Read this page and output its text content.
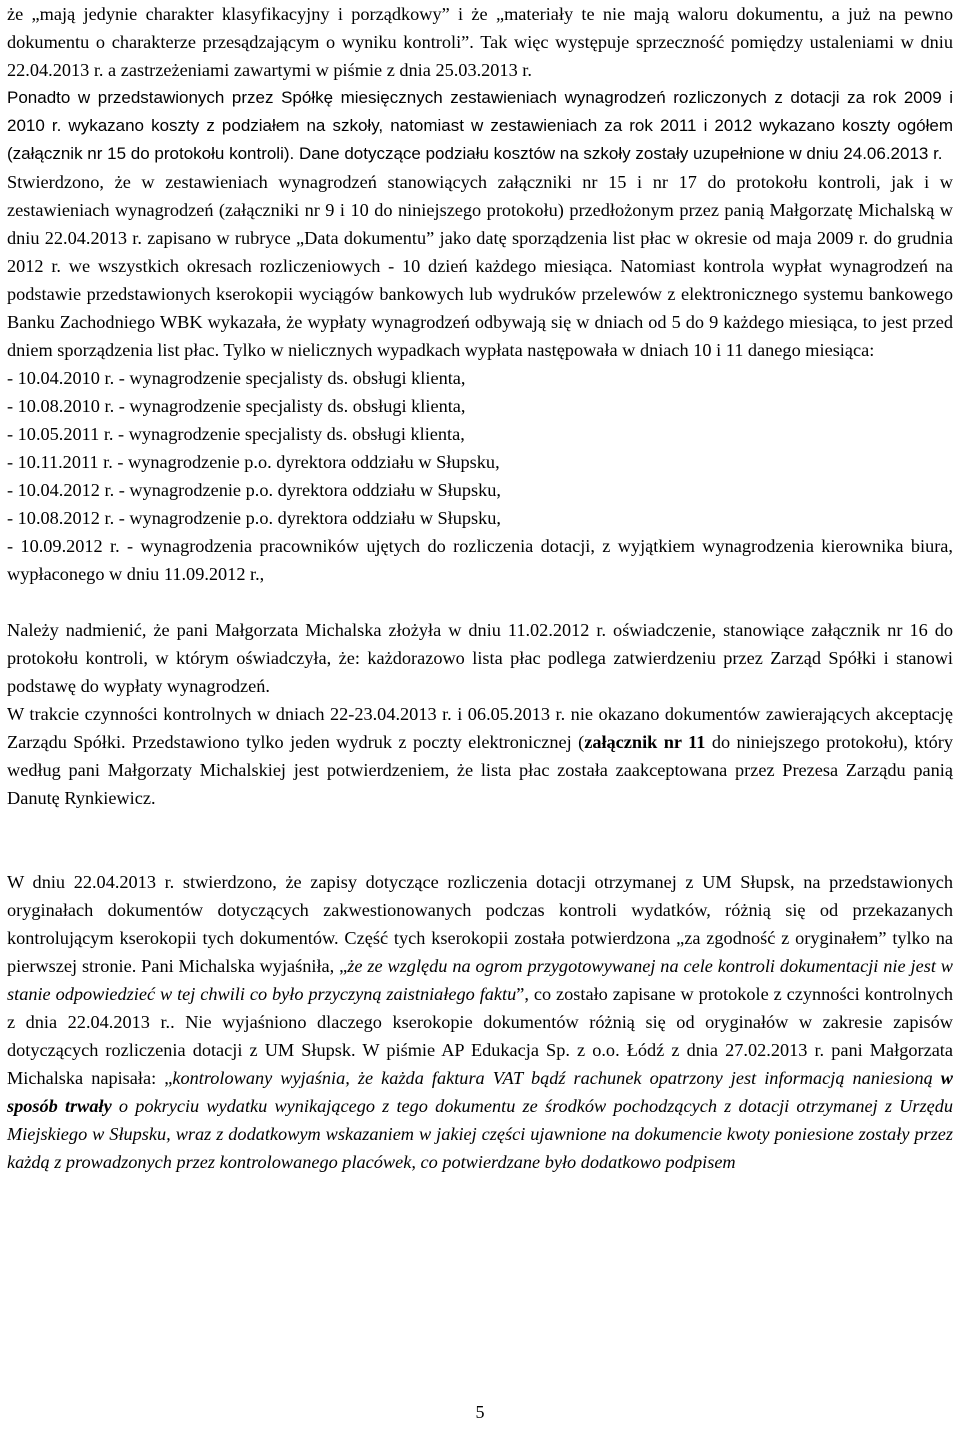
że „mają jedynie charakter klasyfikacyjny i porządkowy” i że „materiały te nie mają waloru dokumentu, a już na pewno dokumentu o charakterze przesądzającym o wyniku kontroli”. Tak więc występuje sprzeczność pomiędzy ustaleniami w dniu 22.04.2013 r. a zastrzeżeniami zawartymi w piśmie z dnia 25.03.2013 r.

Ponadto w przedstawionych przez Spółkę miesięcznych zestawieniach wynagrodzeń rozliczonych z dotacji za rok 2009 i 2010 r. wykazano koszty z podziałem na szkoły, natomiast w zestawieniach za rok 2011 i 2012 wykazano koszty ogółem (załącznik nr 15 do protokołu kontroli). Dane dotyczące podziału kosztów na szkoły zostały uzupełnione w dniu 24.06.2013 r.

Stwierdzono, że w zestawieniach wynagrodzeń stanowiących załączniki nr 15 i nr 17 do protokołu kontroli, jak i w zestawieniach wynagrodzeń (załączniki nr 9 i 10 do niniejszego protokołu) przedłożonym przez panią Małgorzatę Michalską w dniu 22.04.2013 r. zapisano w rubryce „Data dokumentu” jako datę sporządzenia list płac w okresie od maja 2009 r. do grudnia 2012 r. we wszystkich okresach rozliczeniowych - 10 dzień każdego miesiąca. Natomiast kontrola wypłat wynagrodzeń na podstawie przedstawionych kserokopii wyciągów bankowych lub wydruków przelewów z elektronicznego systemu bankowego Banku Zachodniego WBK wykazała, że wypłaty wynagrodzeń odbywają się w dniach od 5 do 9 każdego miesiąca, to jest przed dniem sporządzenia list płac. Tylko w nielicznych wypadkach wypłata następowała w dniach 10 i 11 danego miesiąca:

- 10.04.2010 r. - wynagrodzenie specjalisty ds. obsługi klienta,

- 10.08.2010 r. - wynagrodzenie specjalisty ds. obsługi klienta,

- 10.05.2011 r. - wynagrodzenie specjalisty ds. obsługi klienta,

- 10.11.2011 r. - wynagrodzenie p.o. dyrektora oddziału w Słupsku,

- 10.04.2012 r. - wynagrodzenie p.o. dyrektora oddziału w Słupsku,

- 10.08.2012 r. - wynagrodzenie p.o. dyrektora oddziału w Słupsku,

- 10.09.2012 r. - wynagrodzenia pracowników ujętych do rozliczenia dotacji, z wyjątkiem wynagrodzenia kierownika biura, wypłaconego w dniu 11.09.2012 r.,

Należy nadmienić, że pani Małgorzata Michalska złożyła w dniu 11.02.2012 r. oświadczenie, stanowiące załącznik nr 16 do protokołu kontroli, w którym oświadczyła, że: każdorazowo lista płac podlega zatwierdzeniu przez Zarząd Spółki i stanowi podstawę do wypłaty wynagrodzeń.

W trakcie czynności kontrolnych w dniach 22-23.04.2013 r. i 06.05.2013 r. nie okazano dokumentów zawierających akceptację Zarządu Spółki. Przedstawiono tylko jeden wydruk z poczty elektronicznej (załącznik nr 11 do niniejszego protokołu), który według pani Małgorzaty Michalskiej jest potwierdzeniem, że lista płac została zaakceptowana przez Prezesa Zarządu panią Danutę Rynkiewicz.

W dniu 22.04.2013 r. stwierdzono, że zapisy dotyczące rozliczenia dotacji otrzymanej z UM Słupsk, na przedstawionych oryginałach dokumentów dotyczących zakwestionowanych podczas kontroli wydatków, różnią się od przekazanych kontrolującym kserokopii tych dokumentów. Część tych kserokopii została potwierdzona „za zgodność z oryginałem” tylko na pierwszej stronie. Pani Michalska wyjaśniła, „że ze względu na ogrom przygotowywanej na cele kontroli dokumentacji nie jest w stanie odpowiedzieć w tej chwili co było przyczyną zaistniałego faktu”, co zostało zapisane w protokole z czynności kontrolnych z dnia 22.04.2013 r.. Nie wyjaśniono dlaczego kserokopie dokumentów różnią się od oryginałów w zakresie zapisów dotyczących rozliczenia dotacji z UM Słupsk. W piśmie AP Edukacja Sp. z o.o. Łódź z dnia 27.02.2013 r. pani Małgorzata Michalska napisała: „kontrolowany wyjaśnia, że każda faktura VAT bądź rachunek opatrzony jest informacją naniesioną w sposób trwały o pokryciu wydatku wynikającego z tego dokumentu ze środków pochodzących z dotacji otrzymanej z Urzędu Miejskiego w Słupsku, wraz z dodatkowym wskazaniem w jakiej części ujawnione na dokumencie kwoty poniesione zostały przez każdą z prowadzonych przez kontrolowanego placówek, co potwierdzane było dodatkowo podpisem

5
